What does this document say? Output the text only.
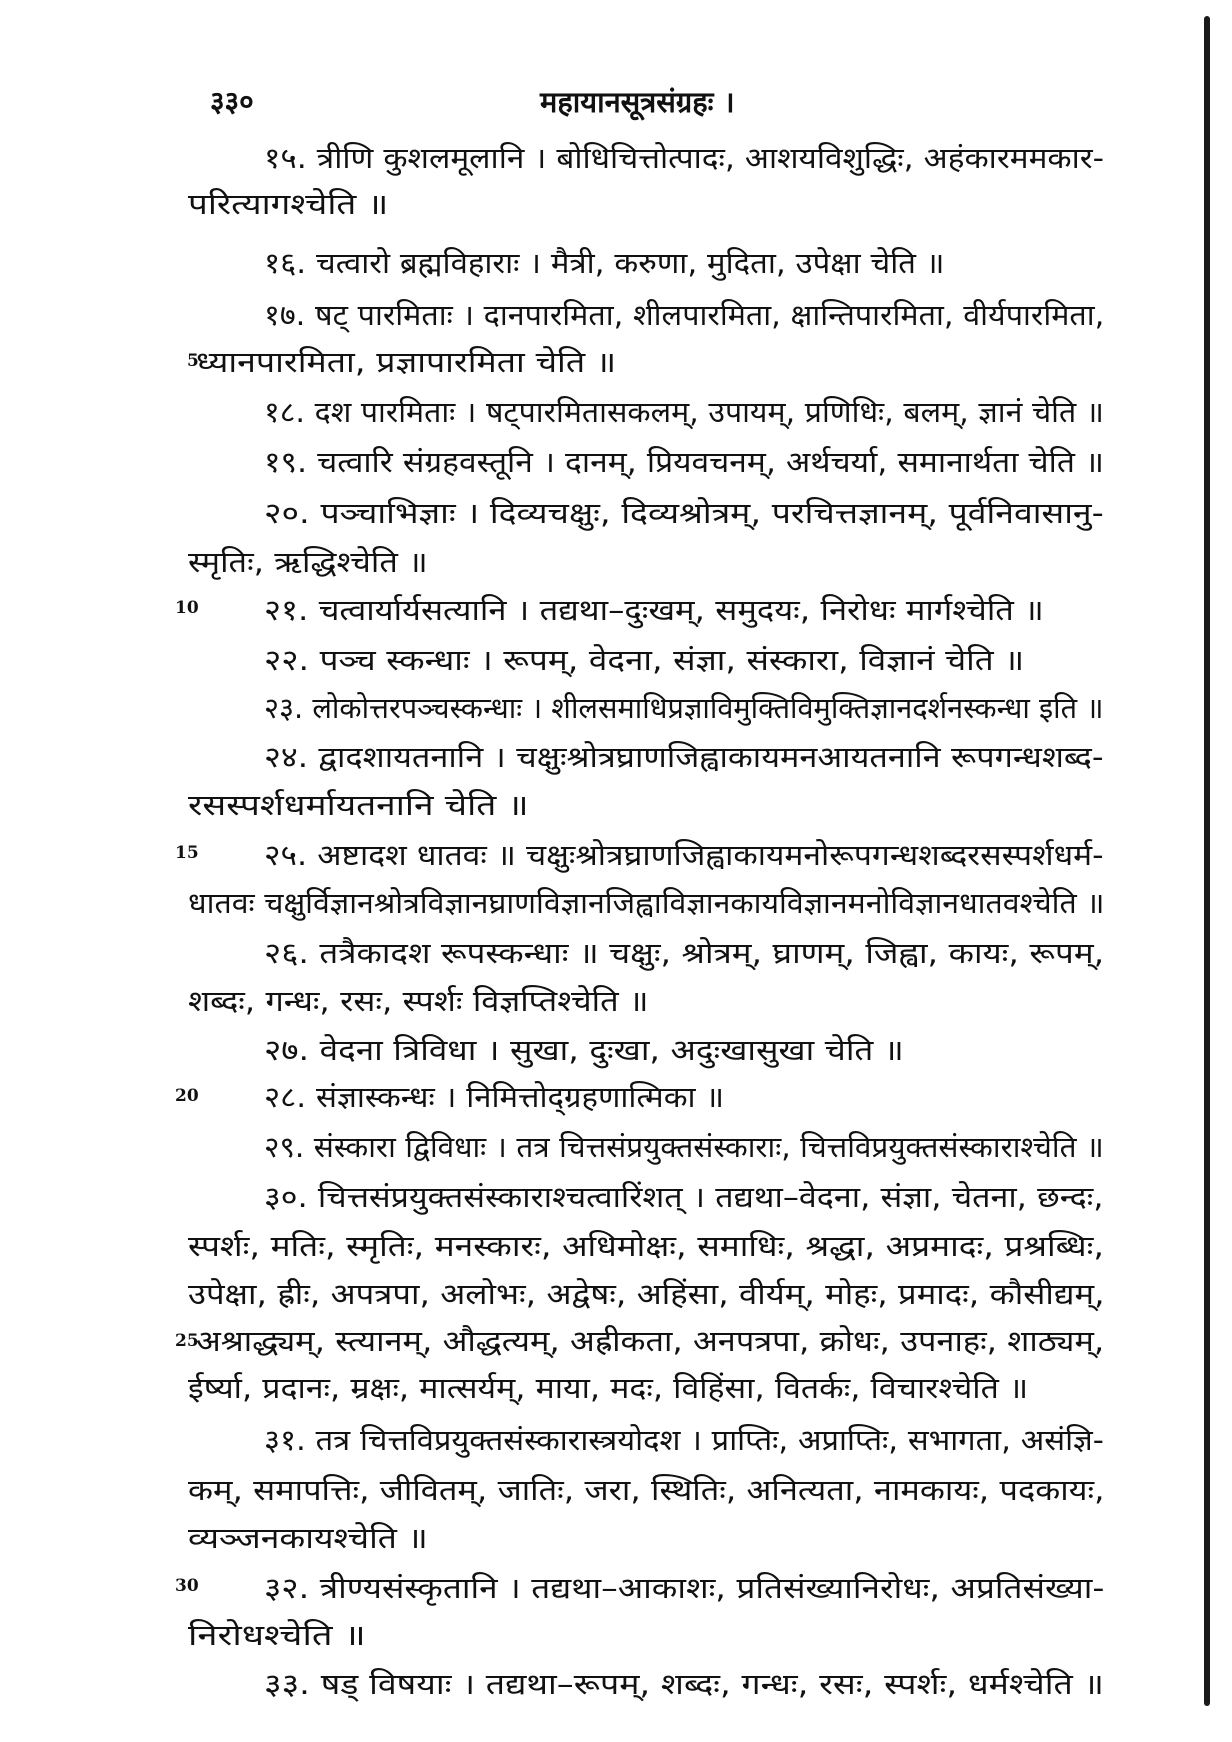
३३०	महायानसूत्रसंग्रहः ।
१५. त्रीणि कुशलमूलानि । बोधिचित्तोत्पादः, आशयविशुद्धिः, अहंकारममकार-
परित्यागश्चेति ॥
१६. चत्वारो ब्रह्मविहाराः । मैत्री, करुणा, मुदिता, उपेक्षा चेति ॥
१७. षट् पारमिताः । दानपारमिता, शीलपारमिता, क्षान्तिपारमिता, वीर्यपारमिता,
ध्यानपारमिता, प्रज्ञापारमिता चेति ॥
१८. दश पारमिताः । षट्पारमितासकलम्, उपायम्, प्रणिधिः, बलम्, ज्ञानं चेति ॥
१९. चत्वारि संग्रहवस्तूनि । दानम्, प्रियवचनम्, अर्थचर्या, समानार्थता चेति ॥
२०. पञ्चाभिज्ञाः । दिव्यचक्षुः, दिव्यश्रोत्रम्, परचित्तज्ञानम्, पूर्वनिवासानु-
स्मृतिः, ऋद्धिश्चेति ॥
२१. चत्वार्यार्यसत्यानि । तद्यथा–दुःखम्, समुदयः, निरोधः मार्गश्चेति ॥
२२. पञ्च स्कन्धाः । रूपम्, वेदना, संज्ञा, संस्कारा, विज्ञानं चेति ॥
२३. लोकोत्तरपञ्चस्कन्धाः । शीलसमाधिप्रज्ञाविमुक्तिविमुक्तिज्ञानदर्शनस्कन्धा इति ॥
२४. द्वादशायतनानि । चक्षुःश्रोत्रघ्राणजिह्वाकायमनआयतनानि रूपगन्धशब्द-
रसस्पर्शधर्मायतनानि चेति ॥
२५. अष्टादश धातवः ॥ चक्षुःश्रोत्रघ्राणजिह्वाकायमनोरूपगन्धशब्दरसस्पर्शधर्म-
धातवः चक्षुर्विज्ञानश्रोत्रविज्ञानघ्राणविज्ञानजिह्वाविज्ञानकायविज्ञानमनोविज्ञानधातवश्चेति ॥
२६. तत्रैकादश रूपस्कन्धाः ॥ चक्षुः, श्रोत्रम्, घ्राणम्, जिह्वा, कायः, रूपम्,
शब्दः, गन्धः, रसः, स्पर्शः विज्ञप्तिश्चेति ॥
२७. वेदना त्रिविधा । सुखा, दुःखा, अदुःखासुखा चेति ॥
२८. संज्ञास्कन्धः । निमित्तोद्ग्रहणात्मिका ॥
२९. संस्कारा द्विविधाः । तत्र चित्तसंप्रयुक्तसंस्काराः, चित्तविप्रयुक्तसंस्काराश्चेति ॥
३०. चित्तसंप्रयुक्तसंस्काराश्चत्वारिंशत् । तद्यथा–वेदना, संज्ञा, चेतना, छन्दः,
स्पर्शः, मतिः, स्मृतिः, मनस्कारः, अधिमोक्षः, समाधिः, श्रद्धा, अप्रमादः, प्रश्रब्धिः,
उपेक्षा, ह्रीः, अपत्रपा, अलोभः, अद्वेषः, अहिंसा, वीर्यम्, मोहः, प्रमादः, कौसीद्यम्,
अश्राद्ध्यम्, स्त्यानम्, औद्धत्यम्, अह्रीकता, अनपत्रपा, क्रोधः, उपनाहः, शाठ्यम्,
ईर्ष्या, प्रदानः, म्रक्षः, मात्सर्यम्, माया, मदः, विहिंसा, वितर्कः, विचारश्चेति ॥
३१. तत्र चित्तविप्रयुक्तसंस्कारास्त्रयोदश । प्राप्तिः, अप्राप्तिः, सभागता, असंज्ञि-
कम्, समापत्तिः, जीवितम्, जातिः, जरा, स्थितिः, अनित्यता, नामकायः, पदकायः,
व्यञ्जनकायश्चेति ॥
३२. त्रीण्यसंस्कृतानि । तद्यथा–आकाशः, प्रतिसंख्यानिरोधः, अप्रतिसंख्या-
निरोधश्चेति ॥
३३. षड् विषयाः । तद्यथा–रूपम्, शब्दः, गन्धः, रसः, स्पर्शः, धर्मश्चेति ॥
5
10
15
20
25
30
